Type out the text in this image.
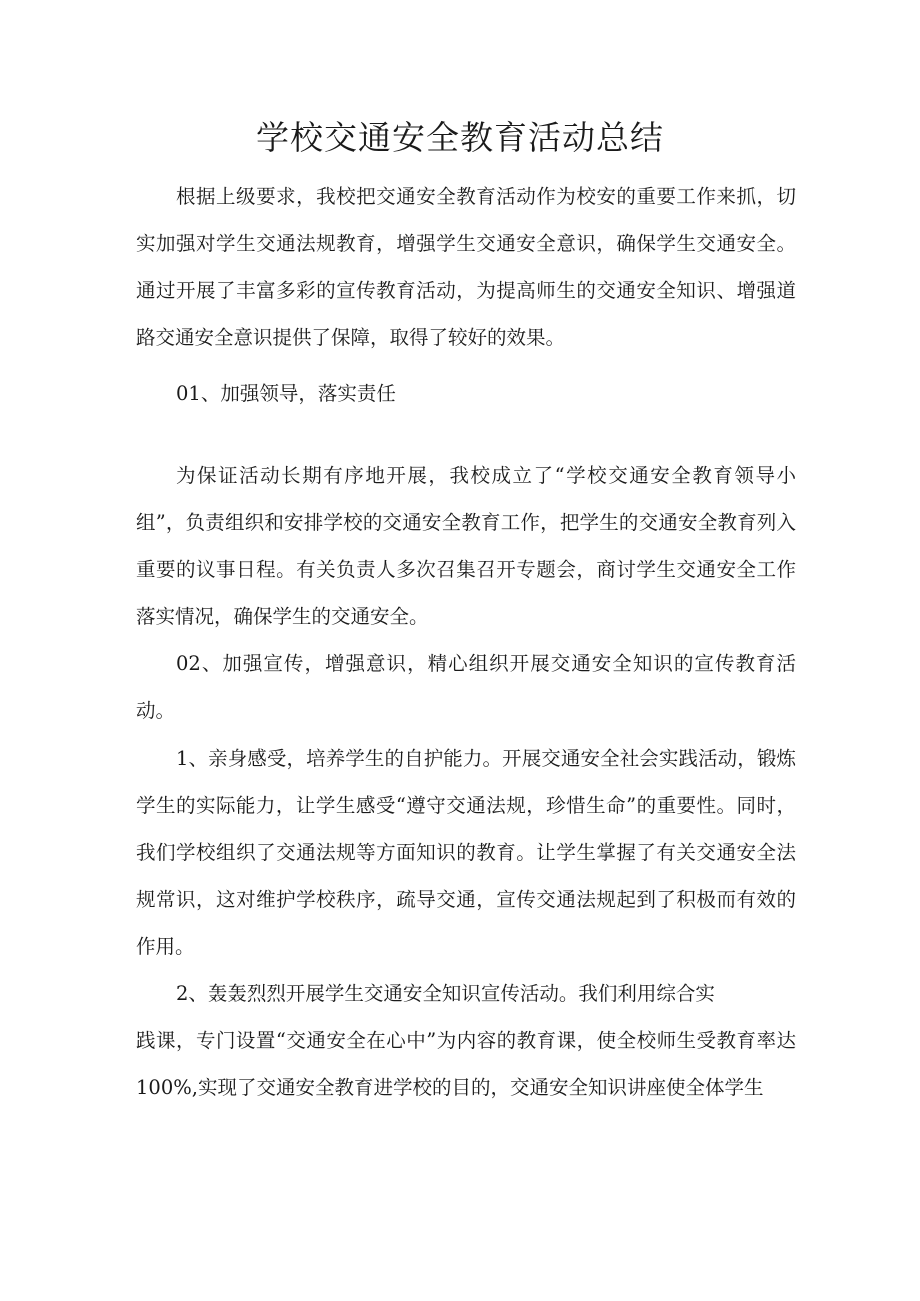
学校交通安全教育活动总结

根据上级要求，我校把交通安全教育活动作为校安的重要工作来抓，切实加强对学生交通法规教育，增强学生交通安全意识，确保学生交通安全。通过开展了丰富多彩的宣传教育活动，为提高师生的交通安全知识、增强道路交通安全意识提供了保障，取得了较好的效果。

01、加强领导，落实责任

为保证活动长期有序地开展，我校成立了“学校交通安全教育领导小组”，负责组织和安排学校的交通安全教育工作，把学生的交通安全教育列入重要的议事日程。有关负责人多次召集召开专题会，商讨学生交通安全工作落实情况，确保学生的交通安全。

02、加强宣传，增强意识，精心组织开展交通安全知识的宣传教育活动。

1、亲身感受，培养学生的自护能力。开展交通安全社会实践活动，锻炼学生的实际能力，让学生感受“遵守交通法规，珍惜生命”的重要性。同时，我们学校组织了交通法规等方面知识的教育。让学生掌握了有关交通安全法规常识，这对维护学校秩序，疏导交通，宣传交通法规起到了积极而有效的作用。

2、轰轰烈烈开展学生交通安全知识宣传活动。我们利用综合实

践课，专门设置“交通安全在心中”为内容的教育课，使全校师生受教育率达 100%,实现了交通安全教育进学校的目的，交通安全知识讲座使全体学生
